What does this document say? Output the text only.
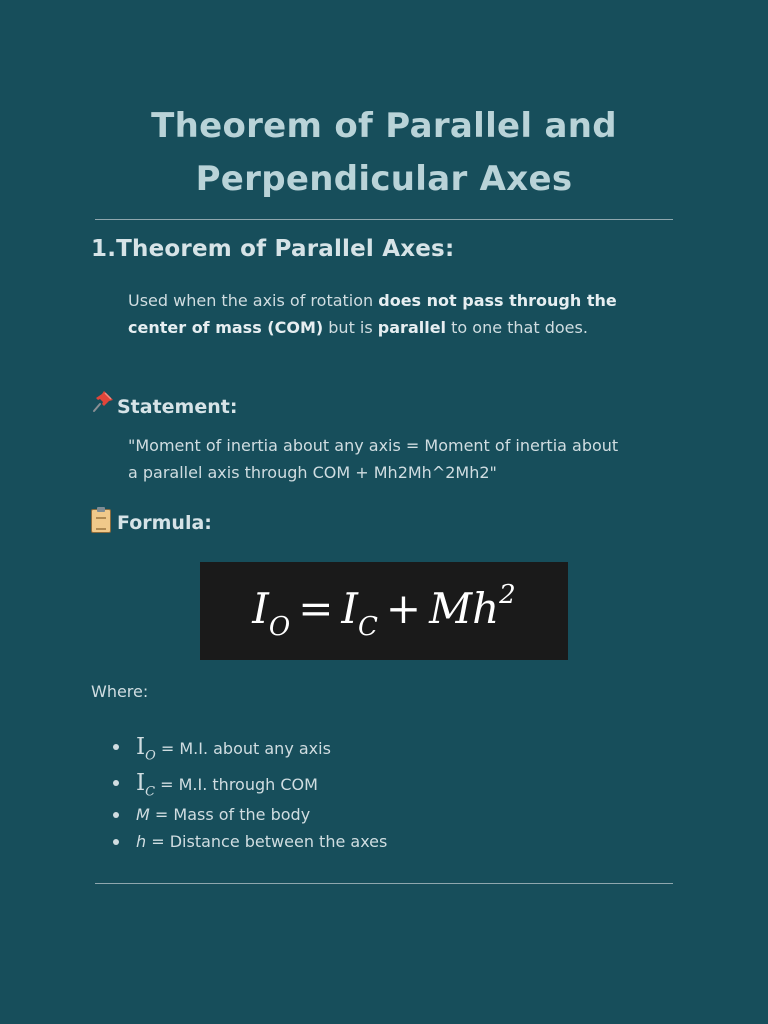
Theorem of Parallel and
Perpendicular Axes
1.Theorem of Parallel Axes:
Used when the axis of rotation does not pass through the center of mass (COM) but is parallel to one that does.
Statement:
"Moment of inertia about any axis = Moment of inertia about a parallel axis through COM + Mh2Mh^2Mh2"
Formula:
$I_O = I_C + Mh^2$
Where:
$I_O = M.I$. about any axis
$I_C = M.I$. through COM
M = Mass of the body
h = Distance between the axes
